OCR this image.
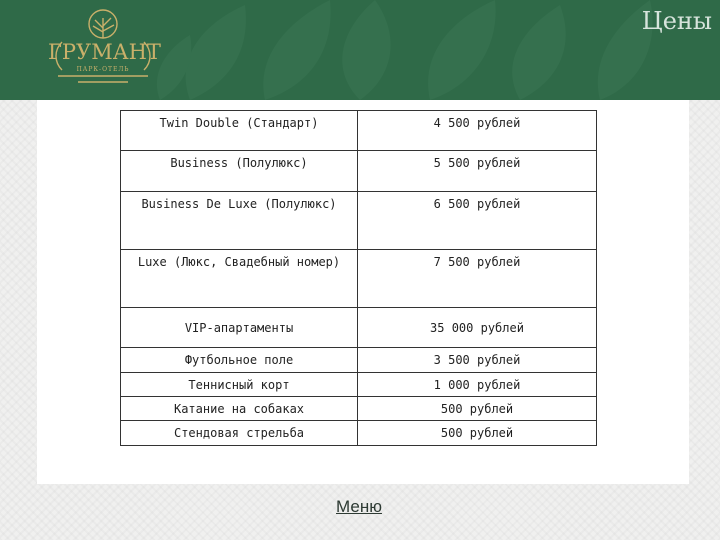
ГРУМАНТ
ПАРК-ОТЕЛЬ
Цены
Twin Double (Стандарт)	4 500 рублей
Business (Полулюкс)	5 500 рублей
Business De Luxe (Полулюкс)	6 500 рублей
Luxe (Люкс, Свадебный номер)	7 500 рублей
VIP-апартаменты	35 000 рублей
Футбольное поле	3 500 рублей
Теннисный корт	1 000 рублей
Катание на собаках	500 рублей
Стендовая стрельба	500 рублей
Меню
